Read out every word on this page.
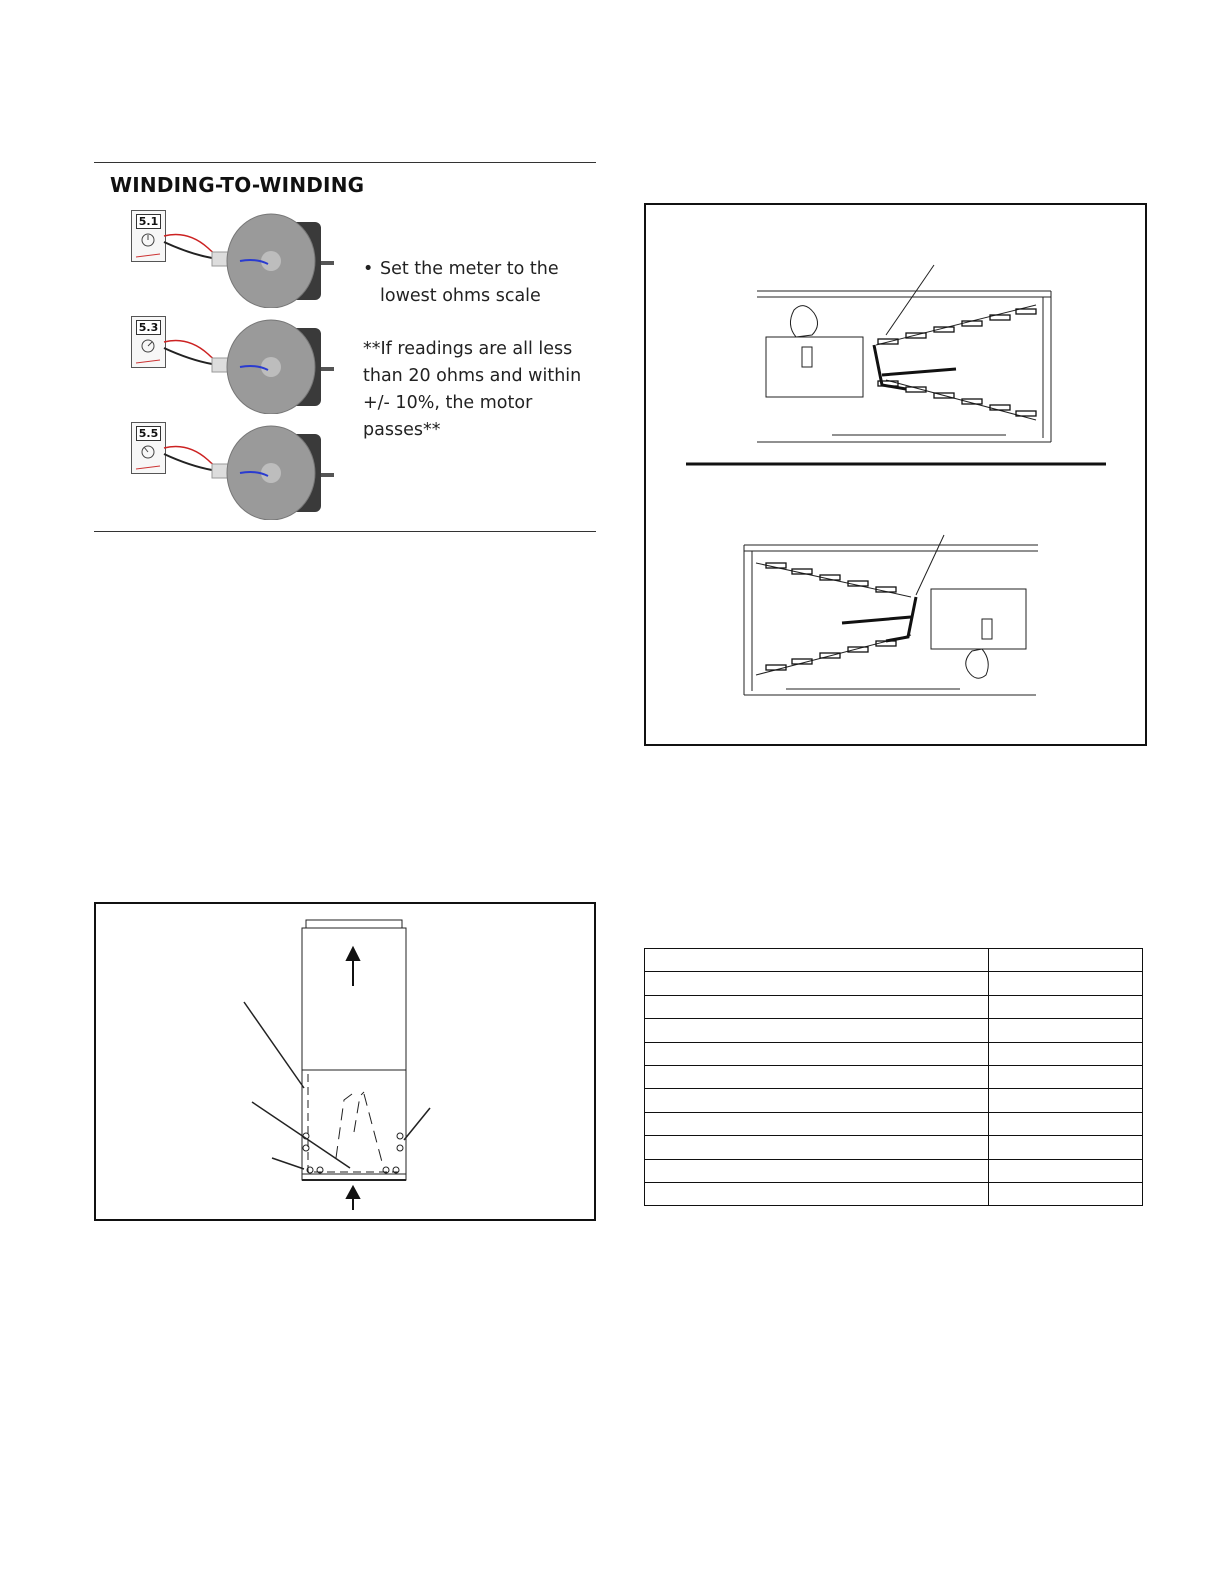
WINDING-TO-WINDING
5.1
5.3
5.5
• Set the meter to the
lowest ohms scale
**If readings are all less
than 20 ohms and within
+/- 10%, the motor
passes**
